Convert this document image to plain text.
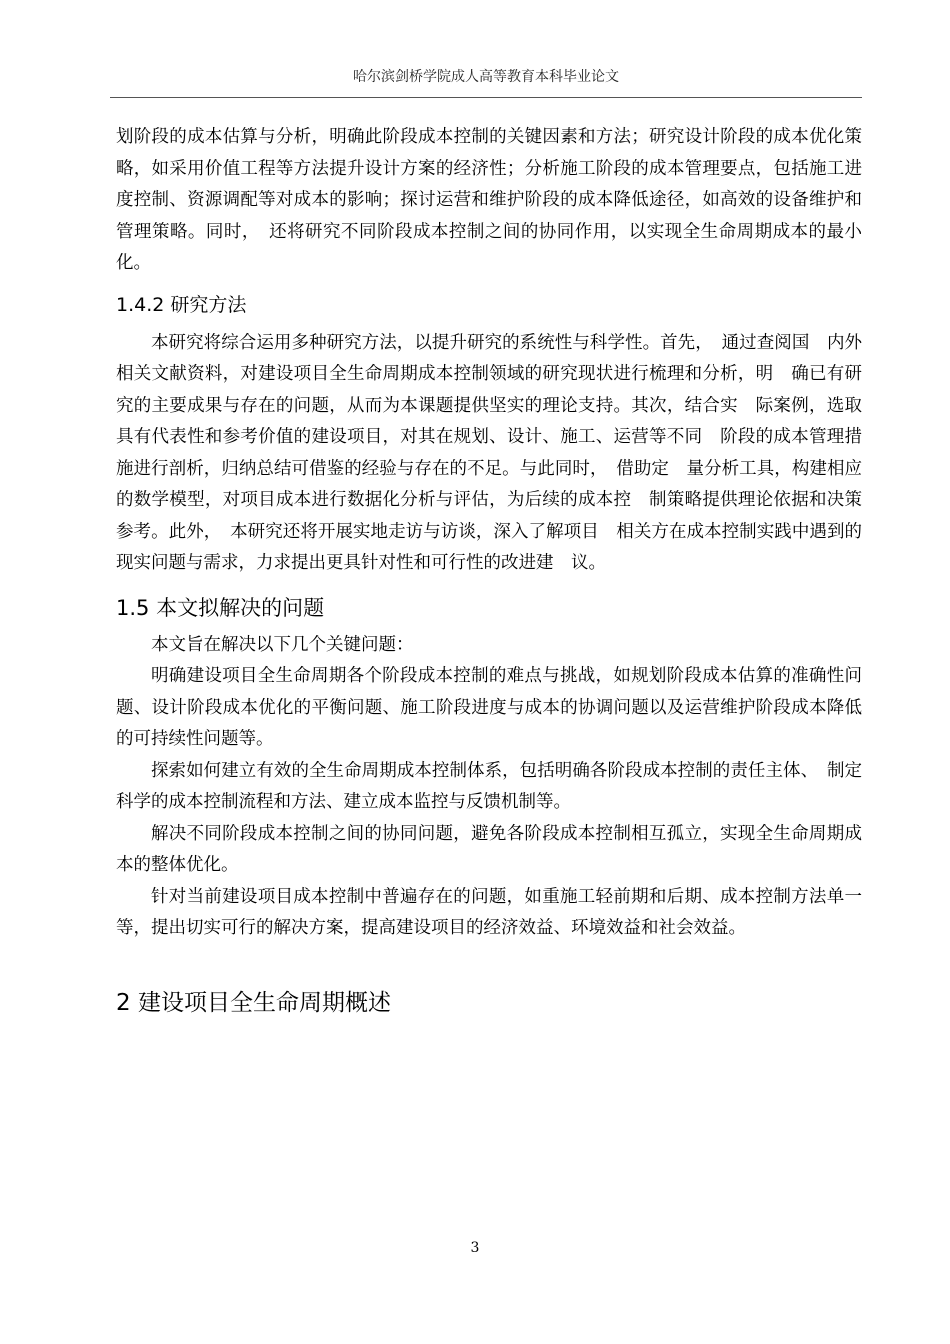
哈尔滨剑桥学院成人高等教育本科毕业论文

划阶段的成本估算与分析，明确此阶段成本控制的关键因素和方法；研究设计阶段的成本优化策略，如采用价值工程等方法提升设计方案的经济性；分析施工阶段的成本管理要点，包括施工进度控制、资源调配等对成本的影响；探讨运营和维护阶段的成本降低途径，如高效的设备维护和管理策略。同时，　还将研究不同阶段成本控制之间的协同作用，以实现全生命周期成本的最小化。

1.4.2 研究方法

本研究将综合运用多种研究方法，以提升研究的系统性与科学性。首先，　通过查阅国　内外相关文献资料，对建设项目全生命周期成本控制领域的研究现状进行梳理和分析，明　确已有研究的主要成果与存在的问题，从而为本课题提供坚实的理论支持。其次，结合实　际案例，选取具有代表性和参考价值的建设项目，对其在规划、设计、施工、运营等不同　阶段的成本管理措施进行剖析，归纳总结可借鉴的经验与存在的不足。与此同时，　借助定　量分析工具，构建相应的数学模型，对项目成本进行数据化分析与评估，为后续的成本控　制策略提供理论依据和决策参考。此外，　本研究还将开展实地走访与访谈，深入了解项目　相关方在成本控制实践中遇到的现实问题与需求，力求提出更具针对性和可行性的改进建　议。

1.5 本文拟解决的问题

本文旨在解决以下几个关键问题：

明确建设项目全生命周期各个阶段成本控制的难点与挑战，如规划阶段成本估算的准确性问题、设计阶段成本优化的平衡问题、施工阶段进度与成本的协调问题以及运营维护阶段成本降低的可持续性问题等。

探索如何建立有效的全生命周期成本控制体系，包括明确各阶段成本控制的责任主体、　制定科学的成本控制流程和方法、建立成本监控与反馈机制等。

解决不同阶段成本控制之间的协同问题，避免各阶段成本控制相互孤立，实现全生命周期成本的整体优化。

针对当前建设项目成本控制中普遍存在的问题，如重施工轻前期和后期、成本控制方法单一等，提出切实可行的解决方案，提高建设项目的经济效益、环境效益和社会效益。

2 建设项目全生命周期概述
3
